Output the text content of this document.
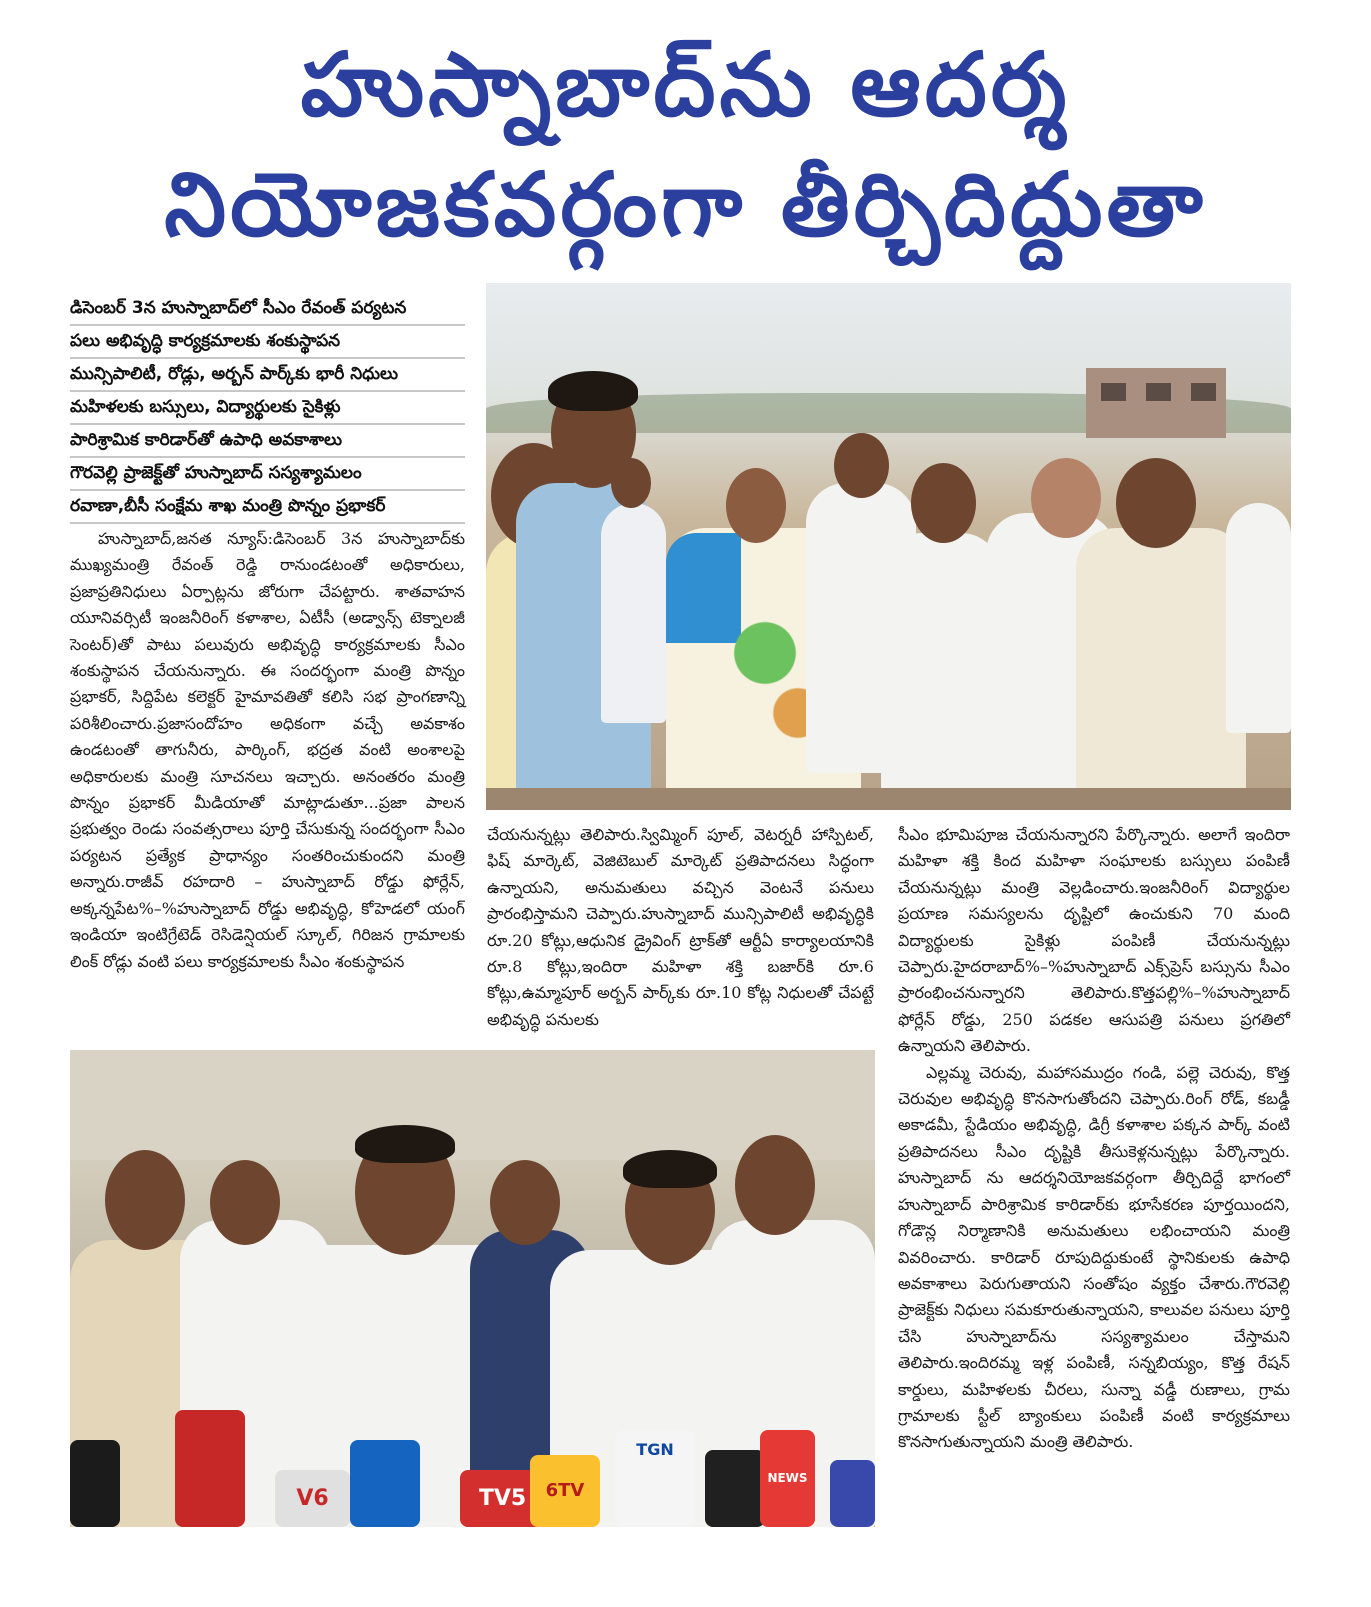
హుస్నాబాద్‌ను ఆదర్శ
నియోజకవర్గంగా తీర్చిదిద్దుతా
డిసెంబర్ 3న హుస్నాబాద్‌లో సీఎం రేవంత్ పర్యటన
పలు అభివృద్ధి కార్యక్రమాలకు శంకుస్థాపన
మున్సిపాలిటీ, రోడ్లు, అర్బన్ పార్క్‌కు భారీ నిధులు
మహిళలకు బస్సులు, విద్యార్థులకు సైకిళ్లు
పారిశ్రామిక కారిడార్‌తో ఉపాధి అవకాశాలు
గౌరవెల్లి ప్రాజెక్ట్‌తో హుస్నాబాద్ సస్యశ్యామలం
రవాణా,బీసీ సంక్షేమ శాఖ మంత్రి పొన్నం ప్రభాకర్

హుస్నాబాద్,జనత న్యూస్:డిసెంబర్ 3న హుస్నాబాద్‌కు ముఖ్యమంత్రి రేవంత్ రెడ్డి రానుండటంతో అధికారులు, ప్రజాప్రతినిధులు ఏర్పాట్లను జోరుగా చేపట్టారు. శాతవాహన యూనివర్సిటీ ఇంజనీరింగ్ కళాశాల, ఏటీసీ (అడ్వాన్స్ టెక్నాలజీ సెంటర్)తో పాటు పలువురు అభివృద్ధి కార్యక్రమాలకు సీఎం శంకుస్థాపన చేయనున్నారు. ఈ సందర్భంగా మంత్రి పొన్నం ప్రభాకర్, సిద్దిపేట కలెక్టర్ హైమావతితో కలిసి సభ ప్రాంగణాన్ని పరిశీలించారు.ప్రజాసందోహం అధికంగా వచ్చే అవకాశం ఉండటంతో తాగునీరు, పార్కింగ్, భద్రత వంటి అంశాలపై అధికారులకు మంత్రి సూచనలు ఇచ్చారు. అనంతరం మంత్రి పొన్నం ప్రభాకర్ మీడియాతో మాట్లాడుతూ...ప్రజా పాలన ప్రభుత్వం రెండు సంవత్సరాలు పూర్తి చేసుకున్న సందర్భంగా సీఎం పర్యటన ప్రత్యేక ప్రాధాన్యం సంతరించుకుందని మంత్రి అన్నారు.రాజీవ్ రహదారి – హుస్నాబాద్ రోడ్డు ఫోర్లేన్, అక్కన్నపేట%–%హుస్నాబాద్ రోడ్డు అభివృద్ధి, కోహెడలో యంగ్ ఇండియా ఇంటిగ్రేటెడ్ రెసిడెన్షియల్ స్కూల్, గిరిజన గ్రామాలకు లింక్ రోడ్లు వంటి పలు కార్యక్రమాలకు సీఎం శంకుస్థాపన

చేయనున్నట్లు తెలిపారు.స్విమ్మింగ్ పూల్, వెటర్నరీ హాస్పిటల్, ఫిష్ మార్కెట్, వెజిటెబుల్ మార్కెట్ ప్రతిపాదనలు సిద్ధంగా ఉన్నాయని, అనుమతులు వచ్చిన వెంటనే పనులు ప్రారంభిస్తామని చెప్పారు.హుస్నాబాద్ మున్సిపాలిటీ అభివృద్ధికి రూ.20 కోట్లు,ఆధునిక డ్రైవింగ్ ట్రాక్‌తో ఆర్టీఏ కార్యాలయానికి రూ.8 కోట్లు,ఇందిరా మహిళా శక్తి బజార్‌కి రూ.6 కోట్లు,ఉమ్మాపూర్ అర్బన్ పార్క్‌కు రూ.10 కోట్ల నిధులతో చేపట్టే అభివృద్ధి పనులకు

సీఎం భూమిపూజ చేయనున్నారని పేర్కొన్నారు. అలాగే ఇందిరా మహిళా శక్తి కింద మహిళా సంఘాలకు బస్సులు పంపిణీ చేయనున్నట్లు మంత్రి వెల్లడించారు.ఇంజనీరింగ్ విద్యార్థుల ప్రయాణ సమస్యలను దృష్టిలో ఉంచుకుని 70 మంది విద్యార్థులకు సైకిళ్లు పంపిణీ చేయనున్నట్లు చెప్పారు.హైదరాబాద్%–%హుస్నాబాద్ ఎక్స్‌ప్రెస్ బస్సును సీఎం ప్రారంభించనున్నారని తెలిపారు.కొత్తపల్లి%–%హుస్నాబాద్ ఫోర్లేన్ రోడ్డు, 250 పడకల ఆసుపత్రి పనులు ప్రగతిలో ఉన్నాయని తెలిపారు.

ఎల్లమ్మ చెరువు, మహాసముద్రం గండి, పల్లె చెరువు, కొత్త చెరువుల అభివృద్ధి కొనసాగుతోందని చెప్పారు.రింగ్ రోడ్, కబడ్డీ అకాడమీ, స్టేడియం అభివృద్ధి, డిగ్రీ కళాశాల పక్కన పార్క్ వంటి ప్రతిపాదనలు సీఎం దృష్టికి తీసుకెళ్లనున్నట్లు పేర్కొన్నారు. హుస్నాబాద్ ను ఆదర్శనియోజకవర్గంగా తీర్చిదిద్దే భాగంలో హుస్నాబాద్ పారిశ్రామిక కారిడార్‌కు భూసేకరణ పూర్తయిందని, గోడౌన్ల నిర్మాణానికి అనుమతులు లభించాయని మంత్రి వివరించారు. కారిడార్ రూపుదిద్దుకుంటే స్థానికులకు ఉపాధి అవకాశాలు పెరుగుతాయని సంతోషం వ్యక్తం చేశారు.గౌరవెల్లి ప్రాజెక్ట్‌కు నిధులు సమకూరుతున్నాయని, కాలువల పనులు పూర్తి చేసి హుస్నాబాద్‌ను సస్యశ్యామలం చేస్తామని తెలిపారు.ఇందిరమ్మ ఇళ్ల పంపిణీ, సన్నబియ్యం, కొత్త రేషన్ కార్డులు, మహిళలకు చీరలు, సున్నా వడ్డీ రుణాలు, గ్రామ గ్రామాలకు స్టీల్ బ్యాంకులు పంపిణీ వంటి కార్యక్రమాలు కొనసాగుతున్నాయని మంత్రి తెలిపారు.

V6	TV5	6TV
TGN
NEWS
